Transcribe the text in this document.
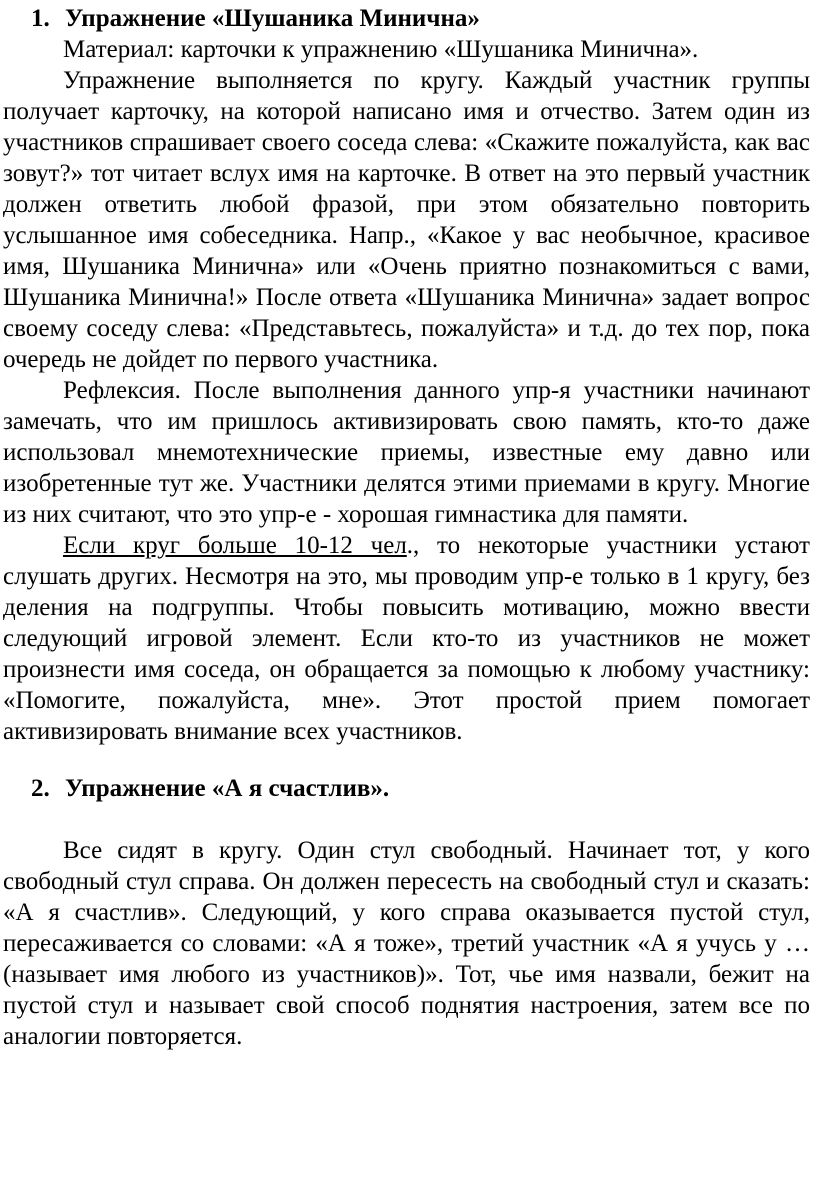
1. Упражнение «Шушаника Минична»

Материал: карточки к упражнению «Шушаника Минична».

Упражнение выполняется по кругу. Каждый участник группы получает карточку, на которой написано имя и отчество. Затем один из участников спрашивает своего соседа слева: «Скажите пожалуйста, как вас зовут?» тот читает вслух имя на карточке. В ответ на это первый участник должен ответить любой фразой, при этом обязательно повторить услышанное имя собеседника. Напр., «Какое у вас необычное, красивое имя, Шушаника Минична» или «Очень приятно познакомиться с вами, Шушаника Минична!» После ответа «Шушаника Минична» задает вопрос своему соседу слева: «Представьтесь, пожалуйста» и т.д. до тех пор, пока очередь не дойдет по первого участника.

Рефлексия. После выполнения данного упр-я участники начинают замечать, что им пришлось активизировать свою память, кто-то даже использовал мнемотехнические приемы, известные ему давно или изобретенные тут же. Участники делятся этими приемами в кругу. Многие из них считают, что это упр-е - хорошая гимнастика для памяти.

Если круг больше 10-12 чел., то некоторые участники устают слушать других. Несмотря на это, мы проводим упр-е только в 1 кругу, без деления на подгруппы. Чтобы повысить мотивацию, можно ввести следующий игровой элемент. Если кто-то из участников не может произнести имя соседа, он обращается за помощью к любому участнику: «Помогите, пожалуйста, мне». Этот простой прием помогает активизировать внимание всех участников.

2. Упражнение «А я счастлив».

Все сидят в кругу. Один стул свободный. Начинает тот, у кого свободный стул справа. Он должен пересесть на свободный стул и сказать: «А я счастлив». Следующий, у кого справа оказывается пустой стул, пересаживается со словами: «А я тоже», третий участник «А я учусь у …(называет имя любого из участников)». Тот, чье имя назвали, бежит на пустой стул и называет свой способ поднятия настроения, затем все по аналогии повторяется.
